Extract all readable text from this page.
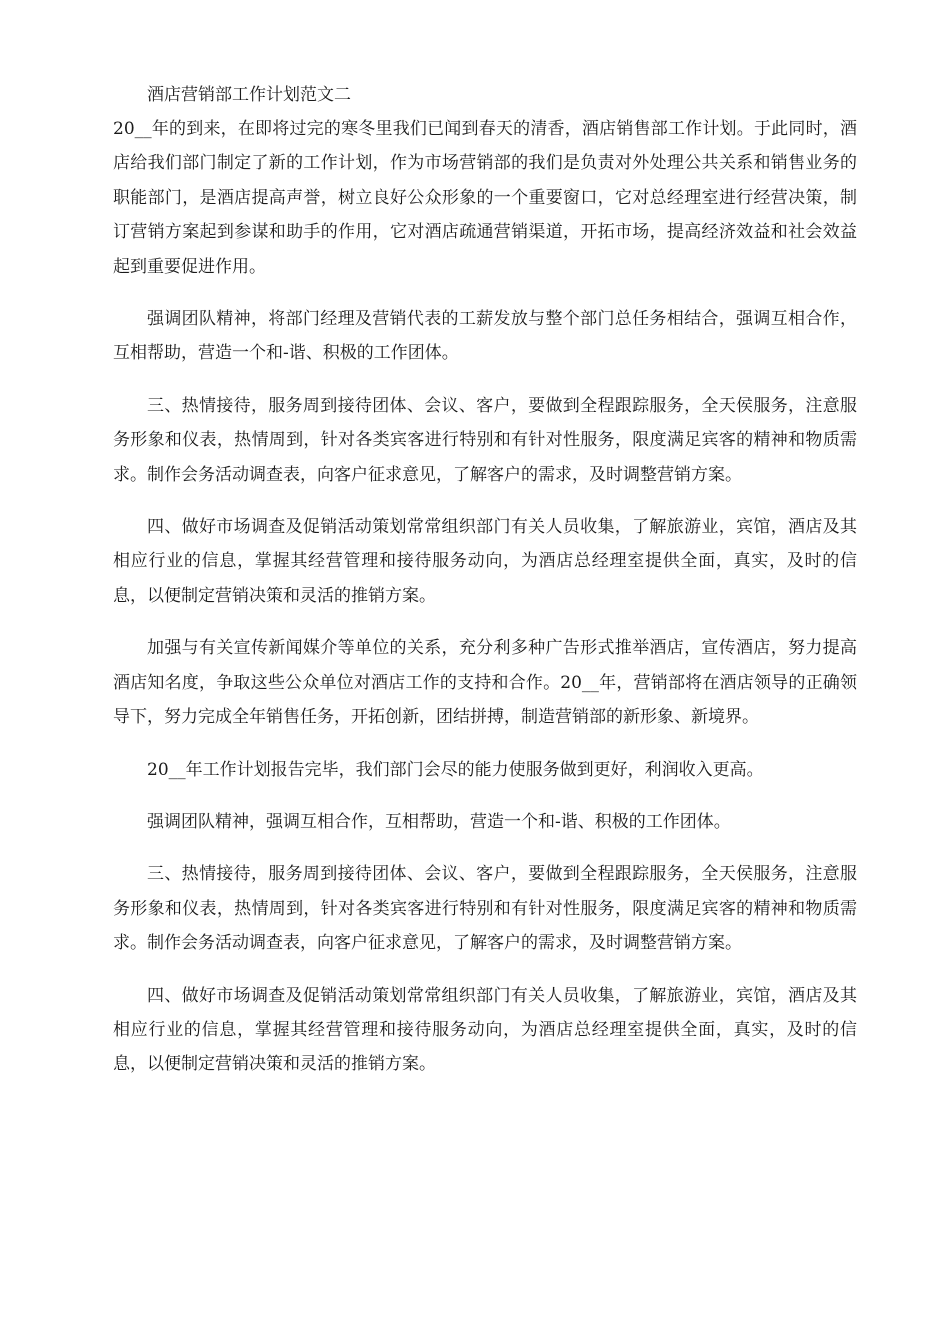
酒店营销部工作计划范文二

20__年的到来，在即将过完的寒冬里我们已闻到春天的清香，酒店销售部工作计划。于此同时，酒店给我们部门制定了新的工作计划，作为市场营销部的我们是负责对外处理公共关系和销售业务的职能部门，是酒店提高声誉，树立良好公众形象的一个重要窗口，它对总经理室进行经营决策，制订营销方案起到参谋和助手的作用，它对酒店疏通营销渠道，开拓市场，提高经济效益和社会效益起到重要促进作用。

强调团队精神，将部门经理及营销代表的工薪发放与整个部门总任务相结合，强调互相合作，互相帮助，营造一个和-谐、积极的工作团体。

三、热情接待，服务周到接待团体、会议、客户，要做到全程跟踪服务，全天侯服务，注意服务形象和仪表，热情周到，针对各类宾客进行特别和有针对性服务，限度满足宾客的精神和物质需求。制作会务活动调查表，向客户征求意见，了解客户的需求，及时调整营销方案。

四、做好市场调查及促销活动策划常常组织部门有关人员收集，了解旅游业，宾馆，酒店及其相应行业的信息，掌握其经营管理和接待服务动向，为酒店总经理室提供全面，真实，及时的信息，以便制定营销决策和灵活的推销方案。

加强与有关宣传新闻媒介等单位的关系，充分利多种广告形式推举酒店，宣传酒店，努力提高酒店知名度，争取这些公众单位对酒店工作的支持和合作。20__年，营销部将在酒店领导的正确领导下，努力完成全年销售任务，开拓创新，团结拼搏，制造营销部的新形象、新境界。

20__年工作计划报告完毕，我们部门会尽的能力使服务做到更好，利润收入更高。

强调团队精神，强调互相合作，互相帮助，营造一个和-谐、积极的工作团体。

三、热情接待，服务周到接待团体、会议、客户，要做到全程跟踪服务，全天侯服务，注意服务形象和仪表，热情周到，针对各类宾客进行特别和有针对性服务，限度满足宾客的精神和物质需求。制作会务活动调查表，向客户征求意见，了解客户的需求，及时调整营销方案。

四、做好市场调查及促销活动策划常常组织部门有关人员收集，了解旅游业，宾馆，酒店及其相应行业的信息，掌握其经营管理和接待服务动向，为酒店总经理室提供全面，真实，及时的信息，以便制定营销决策和灵活的推销方案。
